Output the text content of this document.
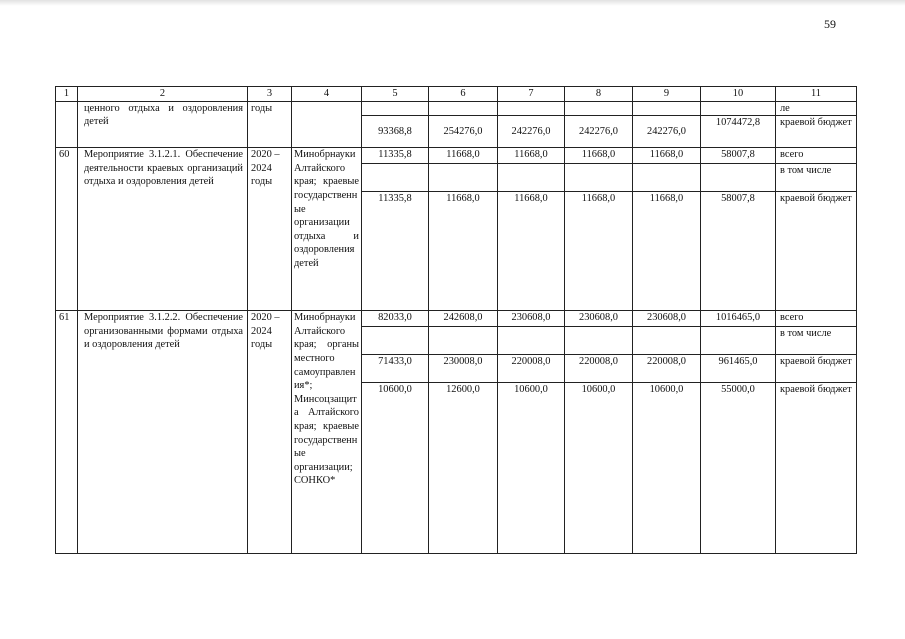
59
1	2	3	4	5	6	7	8	9	10	11
	ценного отдыха и оздоровления детей	годы								ле
				93368,8	254276,0	242276,0	242276,0	242276,0	1074472,8	краевой бюджет
60	Мероприятие 3.1.2.1. Обеспечение деятельности краевых организаций отдыха и оздоровления детей	2020 – 2024 годы	Минобрнауки Алтайского края; краевые государственные организации отдыха и оздоровления детей	11335,8	11668,0	11668,0	11668,0	11668,0	58007,8	всего
										в том числе
				11335,8	11668,0	11668,0	11668,0	11668,0	58007,8	краевой бюджет
61	Мероприятие 3.1.2.2. Обеспечение организованными формами отдыха и оздоровления детей	2020 – 2024 годы	Минобрнауки Алтайского края; органы местного самоуправления*; Минсоцзащита Алтайского края; краевые государственные организации; СОНКО*	82033,0	242608,0	230608,0	230608,0	230608,0	1016465,0	всего
										в том числе
				71433,0	230008,0	220008,0	220008,0	220008,0	961465,0	краевой бюджет
				10600,0	12600,0	10600,0	10600,0	10600,0	55000,0	краевой бюджет
